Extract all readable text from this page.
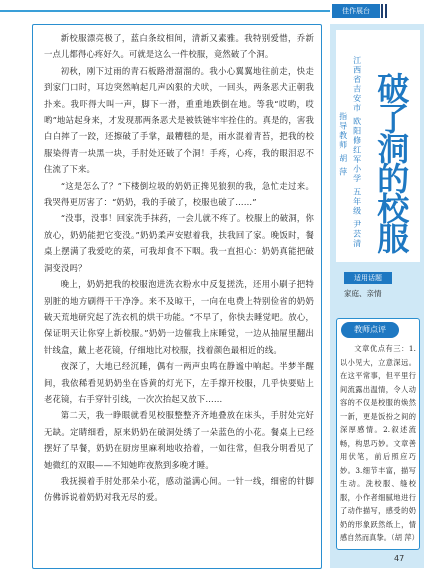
佳作展台

新校服漂亮极了，蓝白条纹相间，清新又素雅。我特别爱惜，乔新一点儿都得心疼好久。可就是这么一件校服，竟然破了个洞。

初秋，刚下过雨的青石板路滑溜溜的。我小心翼翼地往前走，快走到家门口时，耳边突然响起几声凶狠的犬吠，一回头，两条恶犬正朝我扑来。我吓得大叫一声，脚下一滑，重重地跌倒在地。等我“哎哟，哎哟”地站起身来，才发现那两条恶犬是被铁链牢牢拴住的。真是的，害我白白摔了一跤，还擦破了手掌，最糟糕的是，雨水混着青苔，把我的校服染得青一块黑一块，手肘处还破了个洞！手疼，心疼，我的眼泪忍不住流了下来。

“这是怎么了？”下楼倒垃圾的奶奶正搀见狼狈的我，急忙走过来。我哭得更厉害了：“奶奶，我的手破了，校服也破了……”

“没事，没事！回家洗手抹药，一会儿就不疼了。校服上的破洞，你放心，奶奶能把它变没。”奶奶柔声安慰着我，扶我回了家。晚饭时，餐桌上摆满了我爱吃的菜，可我却食不下咽。我一直担心：奶奶真能把破洞变没吗？

晚上，奶奶把我的校服泡进洗衣粉水中反复搓洗，还用小刷子把特别脏的地方刷得干干净净。来不及晾干，一向在电费上特别俭省的奶奶破天荒地研究起了洗衣机的烘干功能。“不早了，你快去睡觉吧。放心，保证明天让你穿上新校服。”奶奶一边催我上床睡觉，一边从抽屉里翻出针线盒，戴上老花镜，仔细地比对校服，找着颜色最相近的线。

夜深了，大地已经沉睡，偶有一两声虫鸣在静谧中响起。半梦半醒间，我依稀看见奶奶坐在昏黄的灯光下，左手撑开校服，几乎快要贴上老花镜，右手穿针引线，一次次抬起又放下……

第二天，我一睁眼就看见校服整整齐齐地叠放在床头，手肘处完好无缺。定睛细看，原来奶奶在破洞处绣了一朵蓝色的小花。餐桌上已经摆好了早餐，奶奶在厨房里麻利地收拾着，一如往常，但我分明看见了她微红的双眼——不知她昨夜熬到多晚才睡。

我抚摸着手肘处那朵小花，感动溢满心间。一针一线，细密的针脚仿佛诉说着奶奶对我无尽的爱。

破了洞的校服
江西省吉安市 欧阳修红军小学 五年级 尹芸清
指导教师 胡 萍
适用话题
家庭、亲情
教师点评

文章优点有三：1.以小见大，立意深远。在这平常事，但平里行间流露出温情，令人动容的不仅是校服的焕然一新，更是饭扮之间的深厚感情。2.叙述流畅，构思巧妙。文章善用伏笔，前后照应巧妙。3.细节丰富，描写生动。洗校服、缝校服，小作者细腻地进行了动作描写，感受的奶奶的形象跃然纸上，情感自然而真挚。（胡 萍）

47
